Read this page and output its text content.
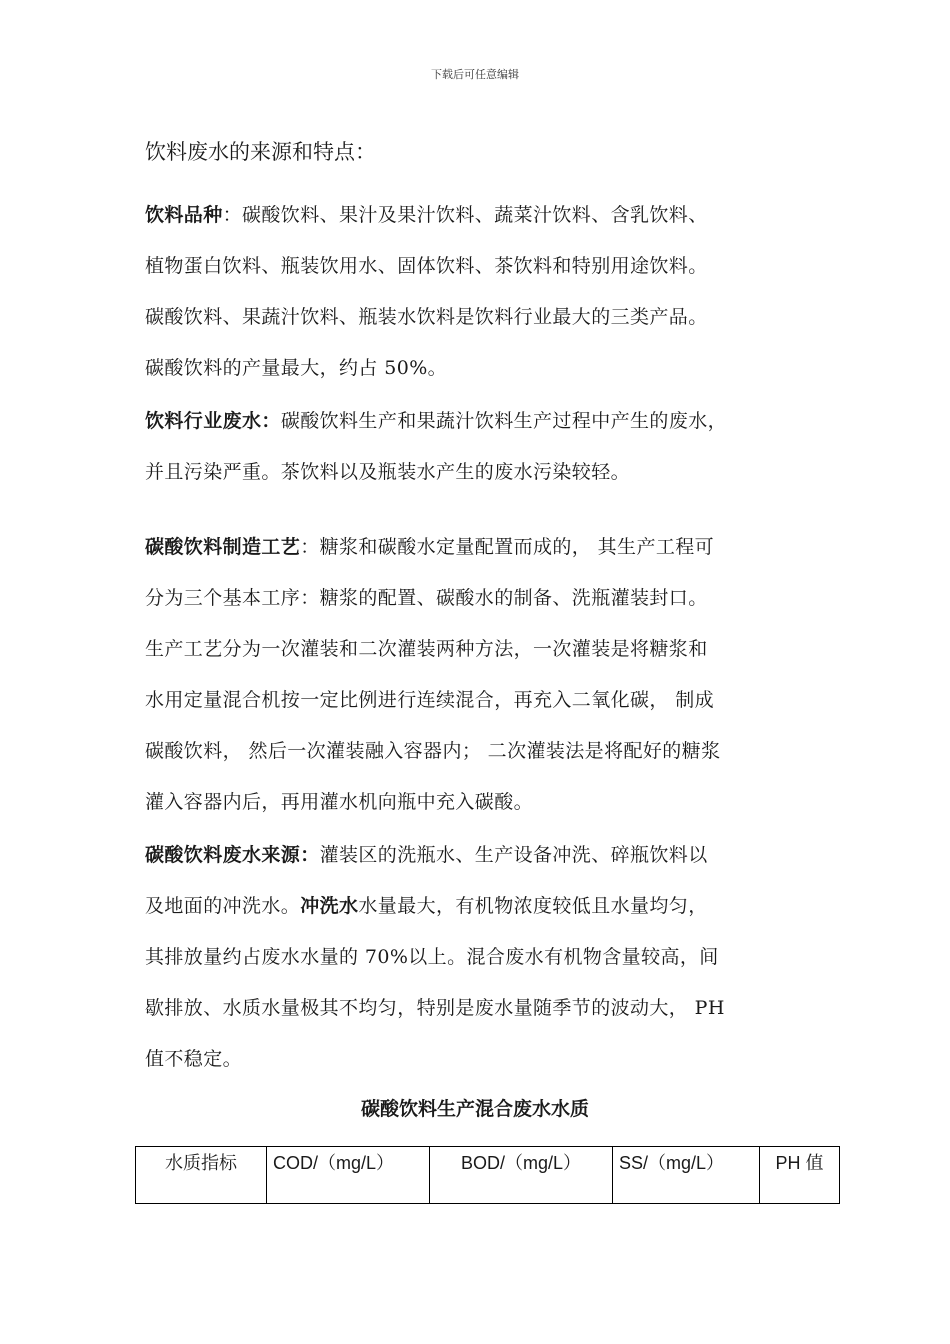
下载后可任意编辑
饮料废水的来源和特点：

饮料品种：碳酸饮料、果汁及果汁饮料、蔬菜汁饮料、含乳饮料、
植物蛋白饮料、瓶装饮用水、固体饮料、茶饮料和特别用途饮料。
碳酸饮料、果蔬汁饮料、瓶装水饮料是饮料行业最大的三类产品。
碳酸饮料的产量最大，约占 50%。

饮料行业废水：碳酸饮料生产和果蔬汁饮料生产过程中产生的废水，
并且污染严重。茶饮料以及瓶装水产生的废水污染较轻。

碳酸饮料制造工艺：糖浆和碳酸水定量配置而成的， 其生产工程可
分为三个基本工序：糖浆的配置、碳酸水的制备、洗瓶灌装封口。
生产工艺分为一次灌装和二次灌装两种方法，一次灌装是将糖浆和
水用定量混合机按一定比例进行连续混合，再充入二氧化碳， 制成
碳酸饮料， 然后一次灌装融入容器内； 二次灌装法是将配好的糖浆
灌入容器内后，再用灌水机向瓶中充入碳酸。

碳酸饮料废水来源：灌装区的洗瓶水、生产设备冲洗、碎瓶饮料以
及地面的冲洗水。冲洗水水量最大，有机物浓度较低且水量均匀，
其排放量约占废水水量的 70%以上。混合废水有机物含量较高，间
歇排放、水质水量极其不均匀，特别是废水量随季节的波动大， PH
值不稳定。

碳酸饮料生产混合废水水质
水质指标	COD/（mg/L）	BOD/（mg/L）	SS/（mg/L）	PH 值
